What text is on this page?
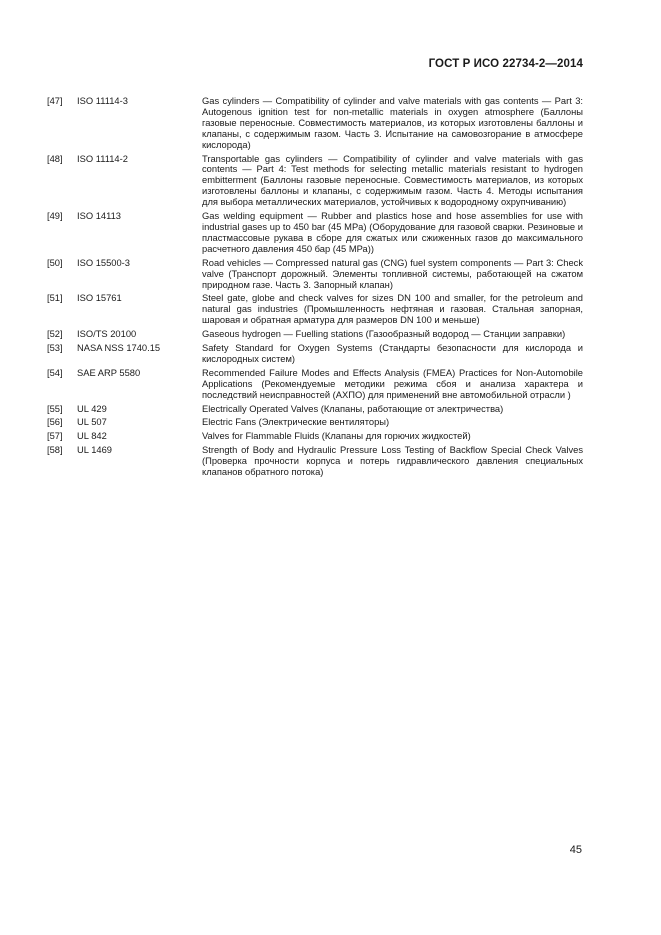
ГОСТ Р ИСО 22734-2—2014
[47]	ISO 11114-3	Gas cylinders — Compatibility of cylinder and valve materials with gas contents — Part 3: Autogenous ignition test for non-metallic materials in oxygen atmosphere (Баллоны газовые переносные. Совместимость материалов, из которых изготовлены баллоны и клапаны, с содержимым газом. Часть 3. Испытание на самовозгорание в атмосфере кислорода)
[48]	ISO 11114-2	Transportable gas cylinders — Compatibility of cylinder and valve materials with gas contents — Part 4: Test methods for selecting metallic materials resistant to hydrogen embitterment (Баллоны газовые переносные. Совместимость материалов, из которых изготовлены баллоны и клапаны, с содержимым газом. Часть 4. Методы испытания для выбора металлических материалов, устойчивых к водородному охрупчиванию)
[49]	ISO 14113	Gas welding equipment — Rubber and plastics hose and hose assemblies for use with industrial gases up to 450 bar (45 MPa) (Оборудование для газовой сварки. Резиновые и пластмассовые рукава в сборе для сжатых или сжиженных газов до максимального расчетного давления 450 бар (45 МРа))
[50]	ISO 15500-3	Road vehicles — Compressed natural gas (CNG) fuel system components — Part 3: Check valve (Транспорт дорожный. Элементы топливной системы, работающей на сжатом природном газе. Часть 3. Запорный клапан)
[51]	ISO 15761	Steel gate, globe and check valves for sizes DN 100 and smaller, for the petroleum and natural gas industries (Промышленность нефтяная и газовая. Стальная запорная, шаровая и обратная арматура для размеров DN 100 и меньше)
[52]	ISO/TS 20100	Gaseous hydrogen — Fuelling stations (Газообразный водород — Станции заправки)
[53]	NASA NSS 1740.15	Safety Standard for Oxygen Systems (Стандарты безопасности для кислорода и кислородных систем)
[54]	SAE ARP 5580	Recommended Failure Modes and Effects Analysis (FMEA) Practices for Non-Automobile Applications (Рекомендуемые методики режима сбоя и анализа характера и последствий неисправностей (АХПО) для применений вне автомобильной отрасли )
[55]	UL 429	Electrically Operated Valves (Клапаны, работающие от электричества)
[56]	UL 507	Electric Fans (Электрические вентиляторы)
[57]	UL 842	Valves for Flammable Fluids (Клапаны для горючих жидкостей)
[58]	UL 1469	Strength of Body and Hydraulic Pressure Loss Testing of Backflow Special Check Valves (Проверка прочности корпуса и потерь гидравлического давления специальных клапанов обратного потока)
45
